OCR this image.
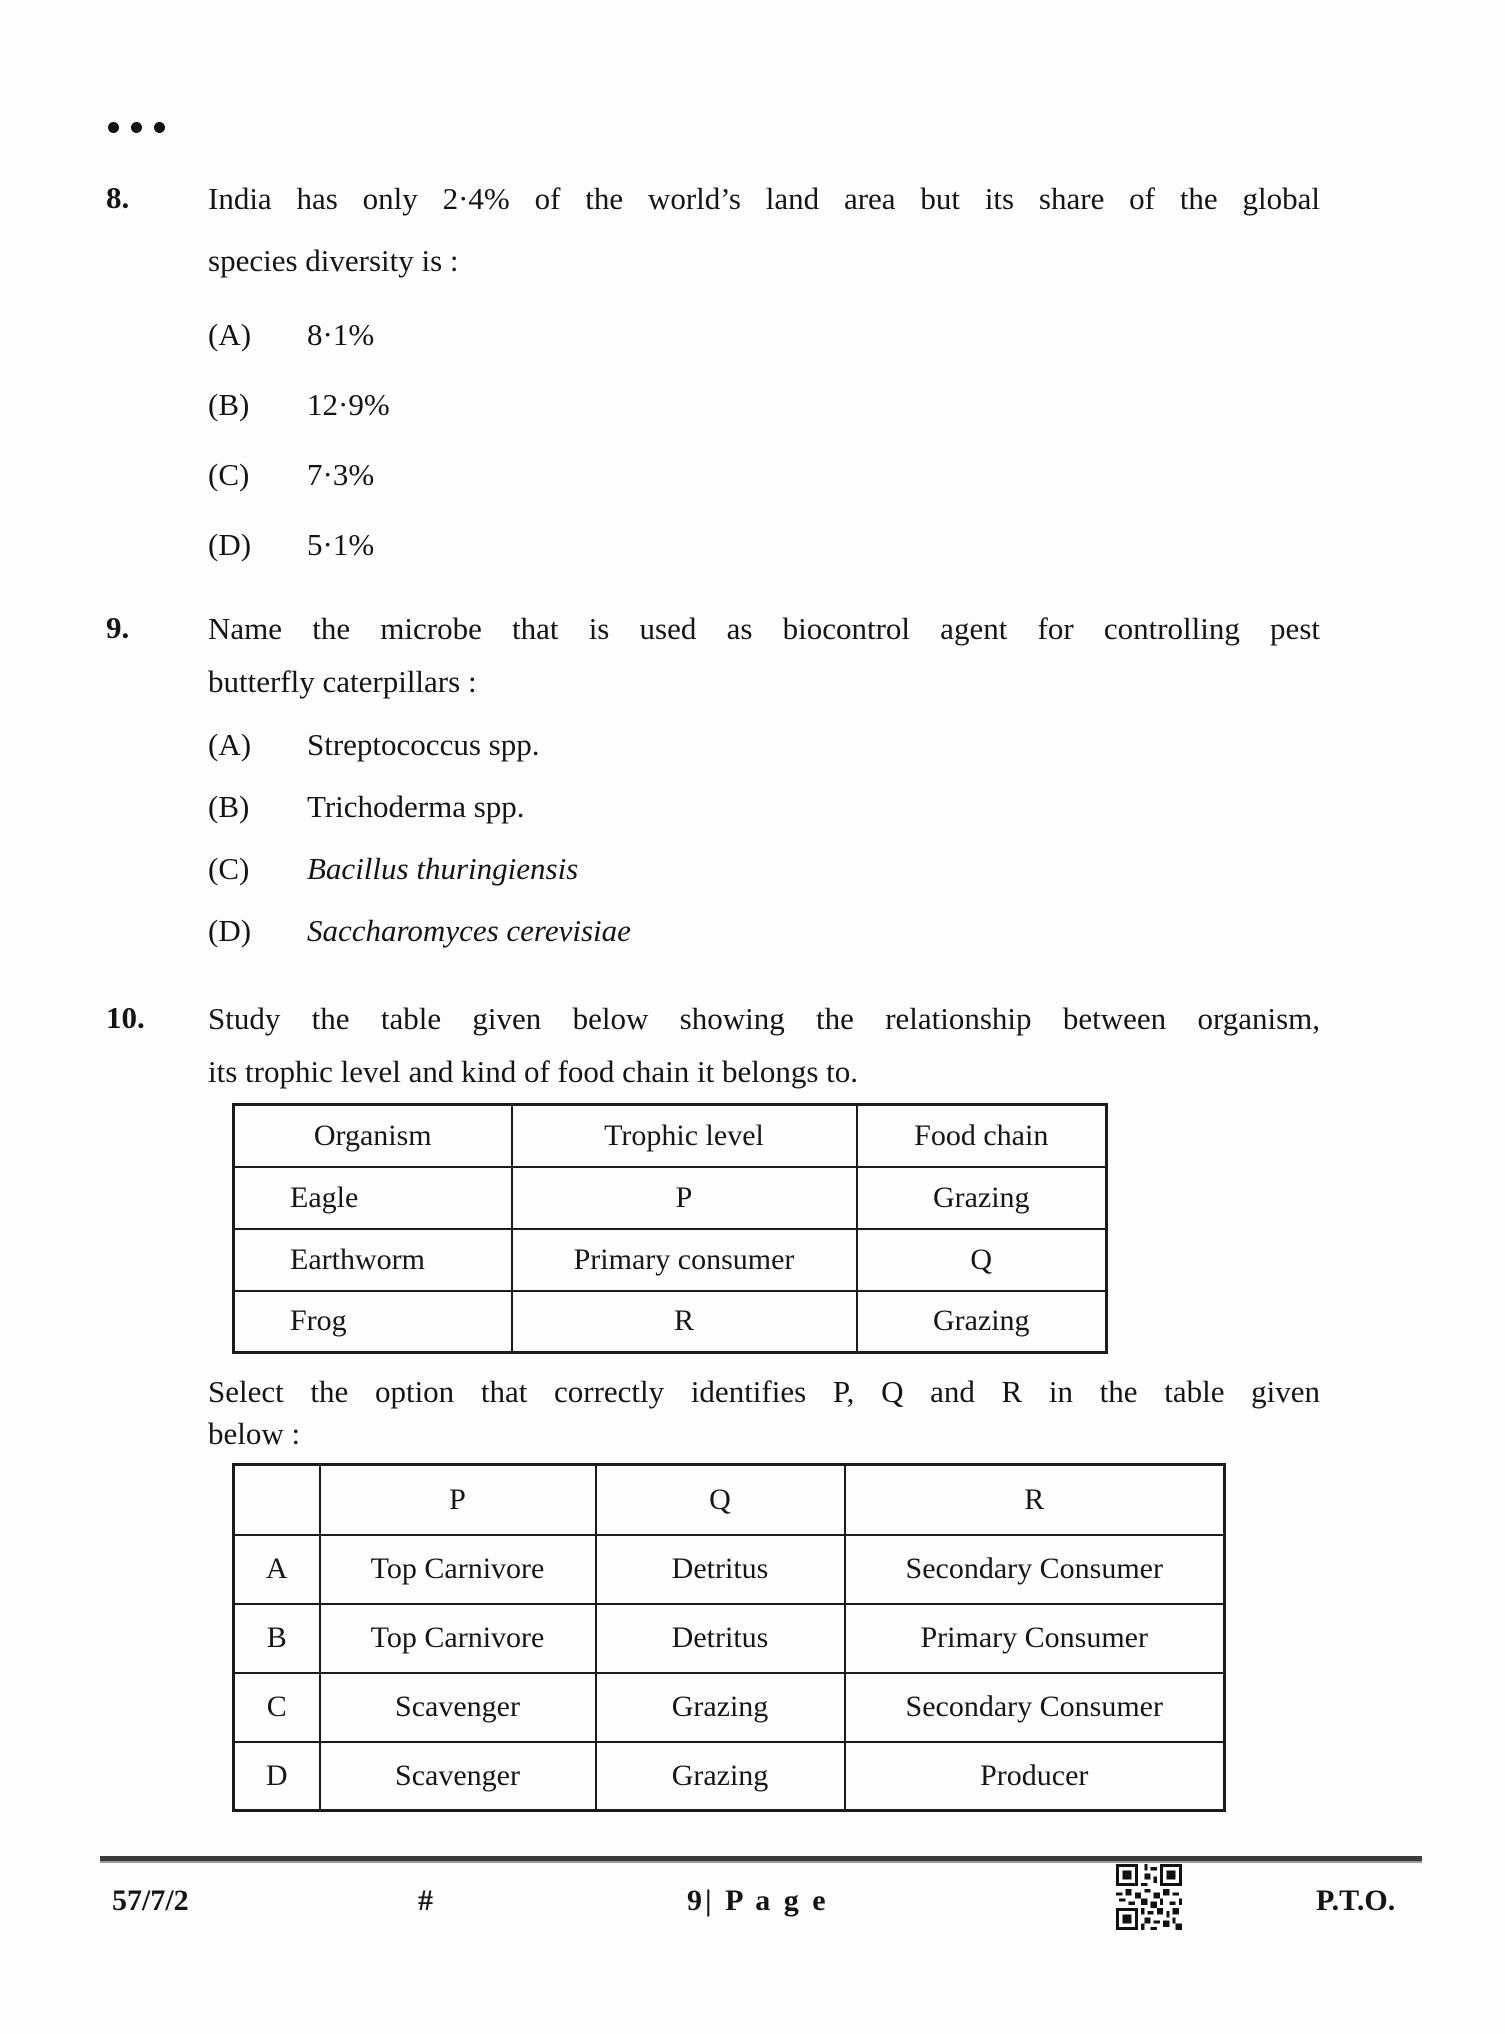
8.	India has only 2·4% of the world’s land area but its share of the global
species diversity is :
(A) 8·1%
(B) 12·9%
(C) 7·3%
(D) 5·1%
9.	Name the microbe that is used as biocontrol agent for controlling pest
butterfly caterpillars :
(A) Streptococcus spp.
(B) Trichoderma spp.
(C) Bacillus thuringiensis
(D) Saccharomyces cerevisiae
10.	Study the table given below showing the relationship between organism,
its trophic level and kind of food chain it belongs to.
Organism	Trophic level	Food chain
Eagle	P	Grazing
Earthworm	Primary consumer	Q
Frog	R	Grazing
Select the option that correctly identifies P, Q and R in the table given
below :
	P	Q	R
A	Top Carnivore	Detritus	Secondary Consumer
B	Top Carnivore	Detritus	Primary Consumer
C	Scavenger	Grazing	Secondary Consumer
D	Scavenger	Grazing	Producer
57/7/2	#	9| P a g e	P.T.O.
